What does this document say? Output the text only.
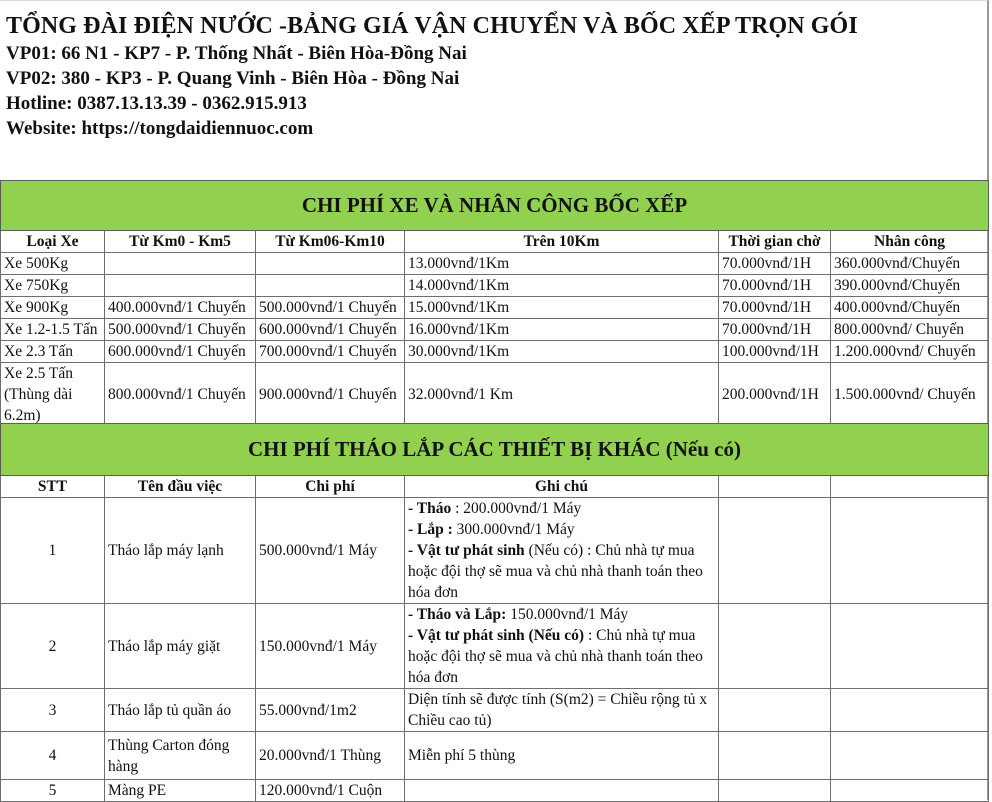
TỔNG ĐÀI ĐIỆN NƯỚC -BẢNG GIÁ VẬN CHUYỂN VÀ BỐC XẾP TRỌN GÓI
VP01: 66 N1 - KP7 - P. Thống Nhất - Biên Hòa-Đồng Nai
VP02: 380 - KP3 - P. Quang Vinh - Biên Hòa - Đồng Nai
Hotline: 0387.13.13.39 - 0362.915.913
Website: https://tongdaidiennuoc.com
CHI PHÍ XE VÀ NHÂN CÔNG BỐC XẾP					
Loại Xe	Từ Km0 - Km5	Từ Km06-Km10	Trên 10Km	Thời gian chờ	Nhân công
Xe 500Kg			13.000vnđ/1Km	70.000vnđ/1H	360.000vnđ/Chuyến
Xe 750Kg			14.000vnđ/1Km	70.000vnđ/1H	390.000vnđ/Chuyến
Xe 900Kg	400.000vnđ/1 Chuyến	500.000vnđ/1 Chuyến	15.000vnđ/1Km	70.000vnđ/1H	400.000vnđ/Chuyến
Xe 1.2-1.5 Tấn	500.000vnđ/1 Chuyến	600.000vnđ/1 Chuyến	16.000vnđ/1Km	70.000vnđ/1H	800.000vnđ/ Chuyến
Xe 2.3 Tấn	600.000vnđ/1 Chuyến	700.000vnđ/1 Chuyến	30.000vnđ/1Km	100.000vnđ/1H	1.200.000vnđ/ Chuyến
Xe 2.5 Tấn (Thùng dài 6.2m)	800.000vnđ/1 Chuyến	900.000vnđ/1 Chuyến	32.000vnđ/1 Km	200.000vnđ/1H	1.500.000vnđ/ Chuyến
CHI PHÍ THÁO LẮP CÁC THIẾT BỊ KHÁC (Nếu có)					
STT	Tên đầu việc	Chi phí	Ghi chú		
1	Tháo lắp máy lạnh	500.000vnđ/1 Máy	- Tháo : 200.000vnđ/1 Máy
- Lắp : 300.000vnđ/1 Máy
- Vật tư phát sinh (Nếu có) : Chủ nhà tự mua hoặc đội thợ sẽ mua và chủ nhà thanh toán theo hóa đơn		
2	Tháo lắp máy giặt	150.000vnđ/1 Máy	- Tháo và Lắp: 150.000vnđ/1 Máy
- Vật tư phát sinh (Nếu có) : Chủ nhà tự mua hoặc đội thợ sẽ mua và chủ nhà thanh toán theo hóa đơn		
3	Tháo lắp tủ quần áo	55.000vnđ/1m2	Diện tính sẽ được tính (S(m2) = Chiều rộng tủ x Chiều cao tủ)		
4	Thùng Carton đóng hàng	20.000vnđ/1 Thùng	Miễn phí 5 thùng		
5	Màng PE	120.000vnđ/1 Cuộn			
